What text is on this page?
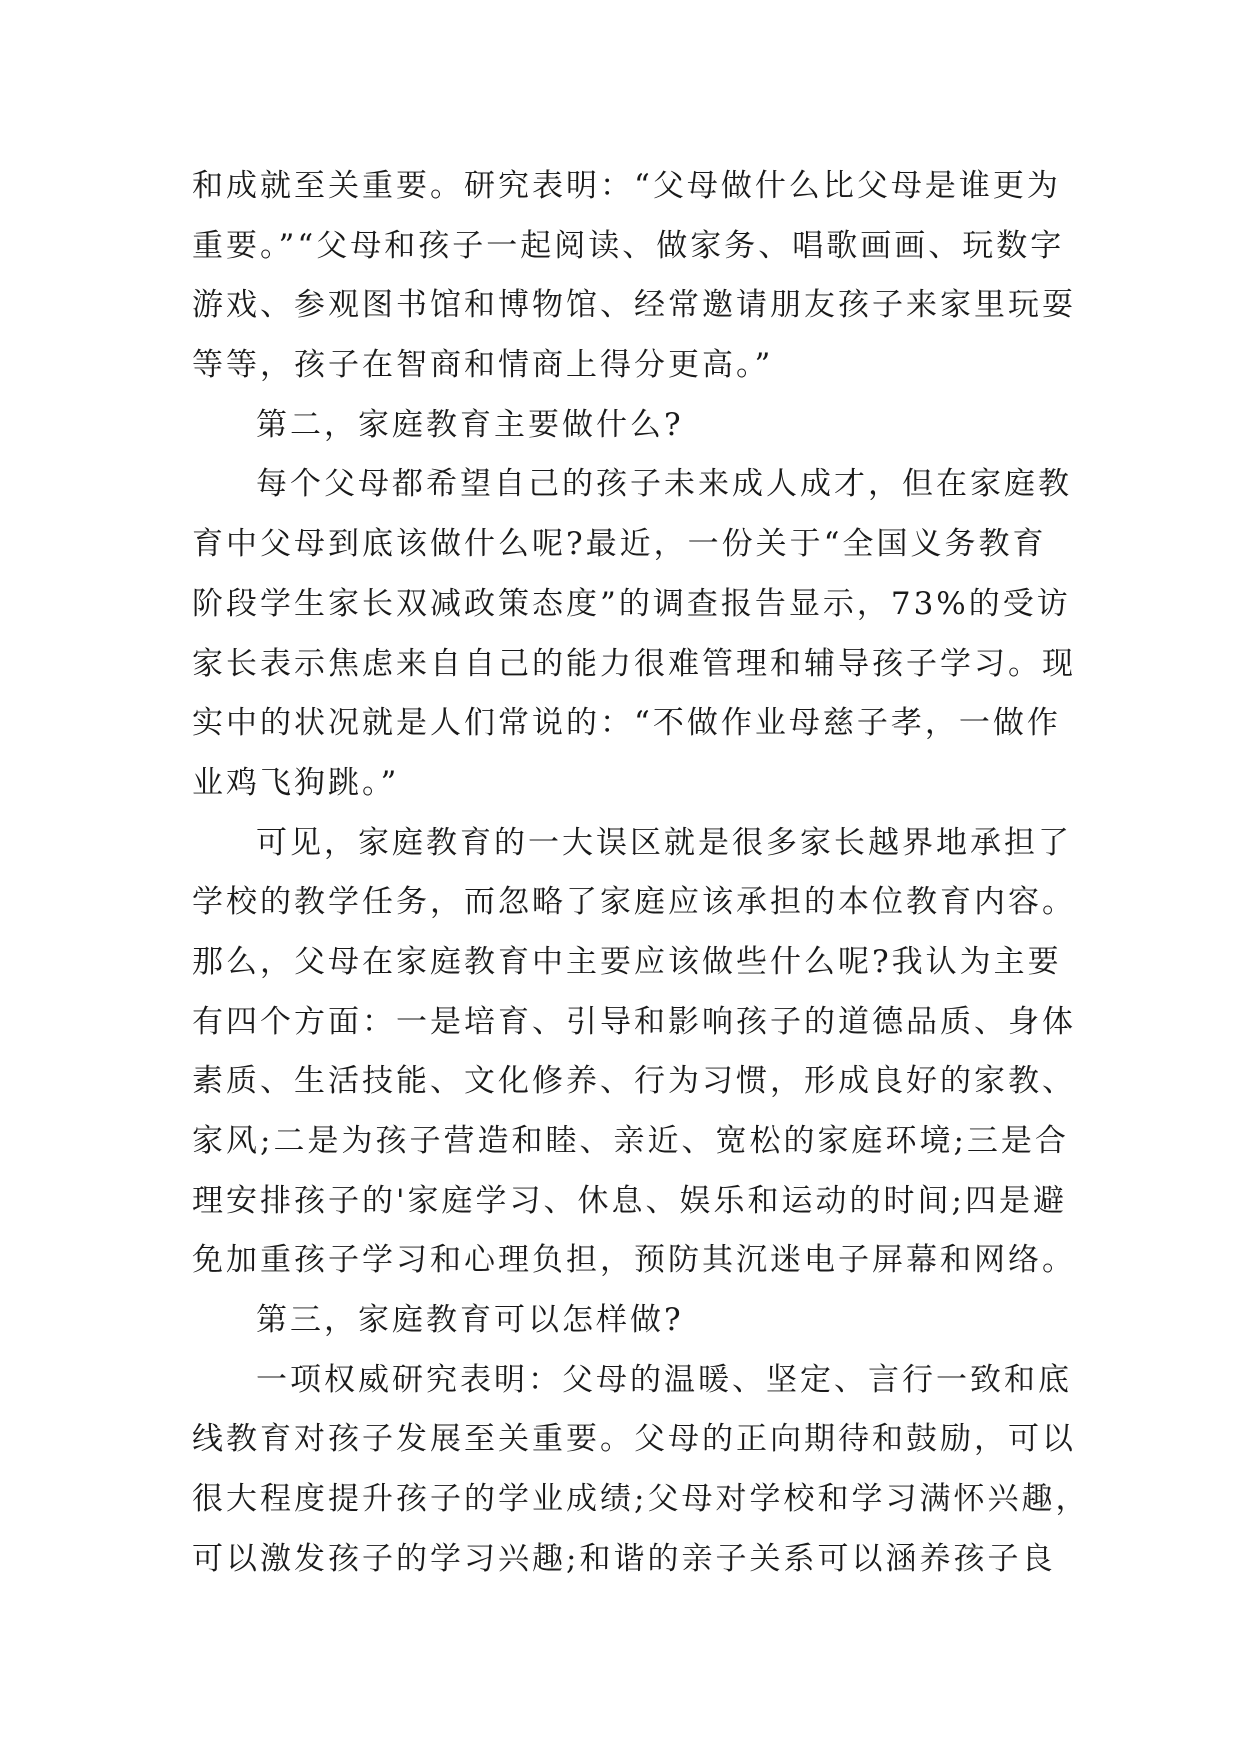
和成就至关重要。研究表明：“父母做什么比父母是谁更为
重要。”“父母和孩子一起阅读、做家务、唱歌画画、玩数字
游戏、参观图书馆和博物馆、经常邀请朋友孩子来家里玩耍
等等，孩子在智商和情商上得分更高。”
第二，家庭教育主要做什么?
每个父母都希望自己的孩子未来成人成才，但在家庭教
育中父母到底该做什么呢?最近，一份关于“全国义务教育
阶段学生家长双减政策态度”的调查报告显示，73%的受访
家长表示焦虑来自自己的能力很难管理和辅导孩子学习。现
实中的状况就是人们常说的：“不做作业母慈子孝，一做作
业鸡飞狗跳。”
可见，家庭教育的一大误区就是很多家长越界地承担了
学校的教学任务，而忽略了家庭应该承担的本位教育内容。
那么，父母在家庭教育中主要应该做些什么呢?我认为主要
有四个方面：一是培育、引导和影响孩子的道德品质、身体
素质、生活技能、文化修养、行为习惯，形成良好的家教、
家风;二是为孩子营造和睦、亲近、宽松的家庭环境;三是合
理安排孩子的'家庭学习、休息、娱乐和运动的时间;四是避
免加重孩子学习和心理负担，预防其沉迷电子屏幕和网络。
第三，家庭教育可以怎样做?
一项权威研究表明：父母的温暖、坚定、言行一致和底
线教育对孩子发展至关重要。父母的正向期待和鼓励，可以
很大程度提升孩子的学业成绩;父母对学校和学习满怀兴趣，
可以激发孩子的学习兴趣;和谐的亲子关系可以涵养孩子良
